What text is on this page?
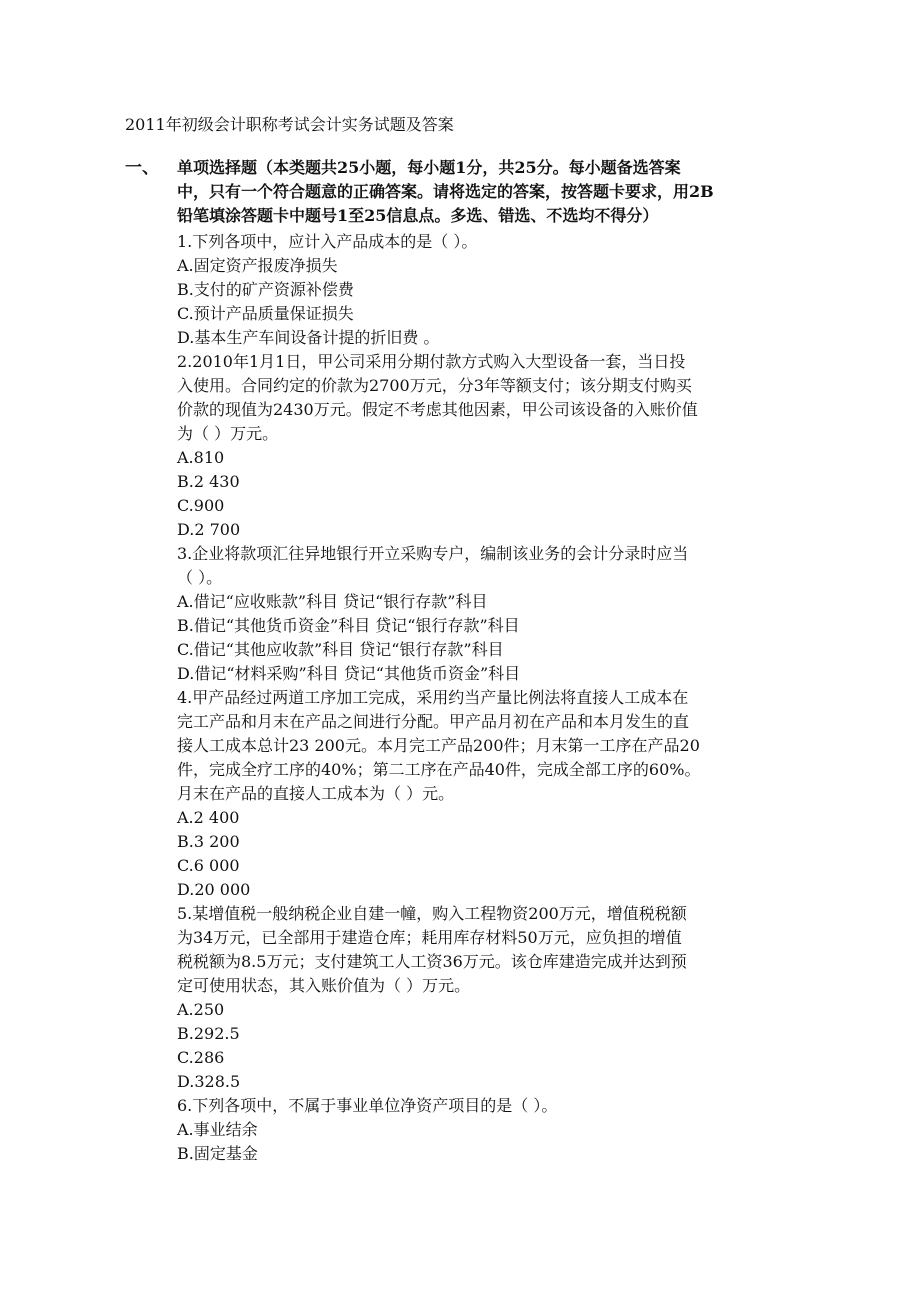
2011年初级会计职称考试会计实务试题及答案
一、 单项选择题（本类题共25小题，每小题1分，共25分。每小题备选答案
中，只有一个符合题意的正确答案。请将选定的答案，按答题卡要求，用2B
铅笔填涂答题卡中题号1至25信息点。多选、错选、不选均不得分）
1.下列各项中，应计入产品成本的是（ ）。
A.固定资产报废净损失
B.支付的矿产资源补偿费
C.预计产品质量保证损失
D.基本生产车间设备计提的折旧费 。
2.2010年1月1日，甲公司采用分期付款方式购入大型设备一套，当日投
入使用。合同约定的价款为2700万元，分3年等额支付；该分期支付购买
价款的现值为2430万元。假定不考虑其他因素，甲公司该设备的入账价值
为（ ）万元。
A.810
B.2 430
C.900
D.2 700
3.企业将款项汇往异地银行开立采购专户，编制该业务的会计分录时应当
（ ）。
A.借记“应收账款”科目 贷记“银行存款”科目
B.借记“其他货币资金”科目 贷记“银行存款”科目
C.借记“其他应收款”科目 贷记“银行存款”科目
D.借记“材料采购”科目 贷记“其他货币资金”科目
4.甲产品经过两道工序加工完成，采用约当产量比例法将直接人工成本在
完工产品和月末在产品之间进行分配。甲产品月初在产品和本月发生的直
接人工成本总计23 200元。本月完工产品200件；月末第一工序在产品20
件，完成全疗工序的40%；第二工序在产品40件，完成全部工序的60%。
月末在产品的直接人工成本为（ ）元。
A.2 400
B.3 200
C.6 000
D.20 000
5.某增值税一般纳税企业自建一幢，购入工程物资200万元，增值税税额
为34万元，已全部用于建造仓库；耗用库存材料50万元，应负担的增值
税税额为8.5万元；支付建筑工人工资36万元。该仓库建造完成并达到预
定可使用状态，其入账价值为（ ）万元。
A.250
B.292.5
C.286
D.328.5
6.下列各项中，不属于事业单位净资产项目的是（ ）。
A.事业结余
B.固定基金
